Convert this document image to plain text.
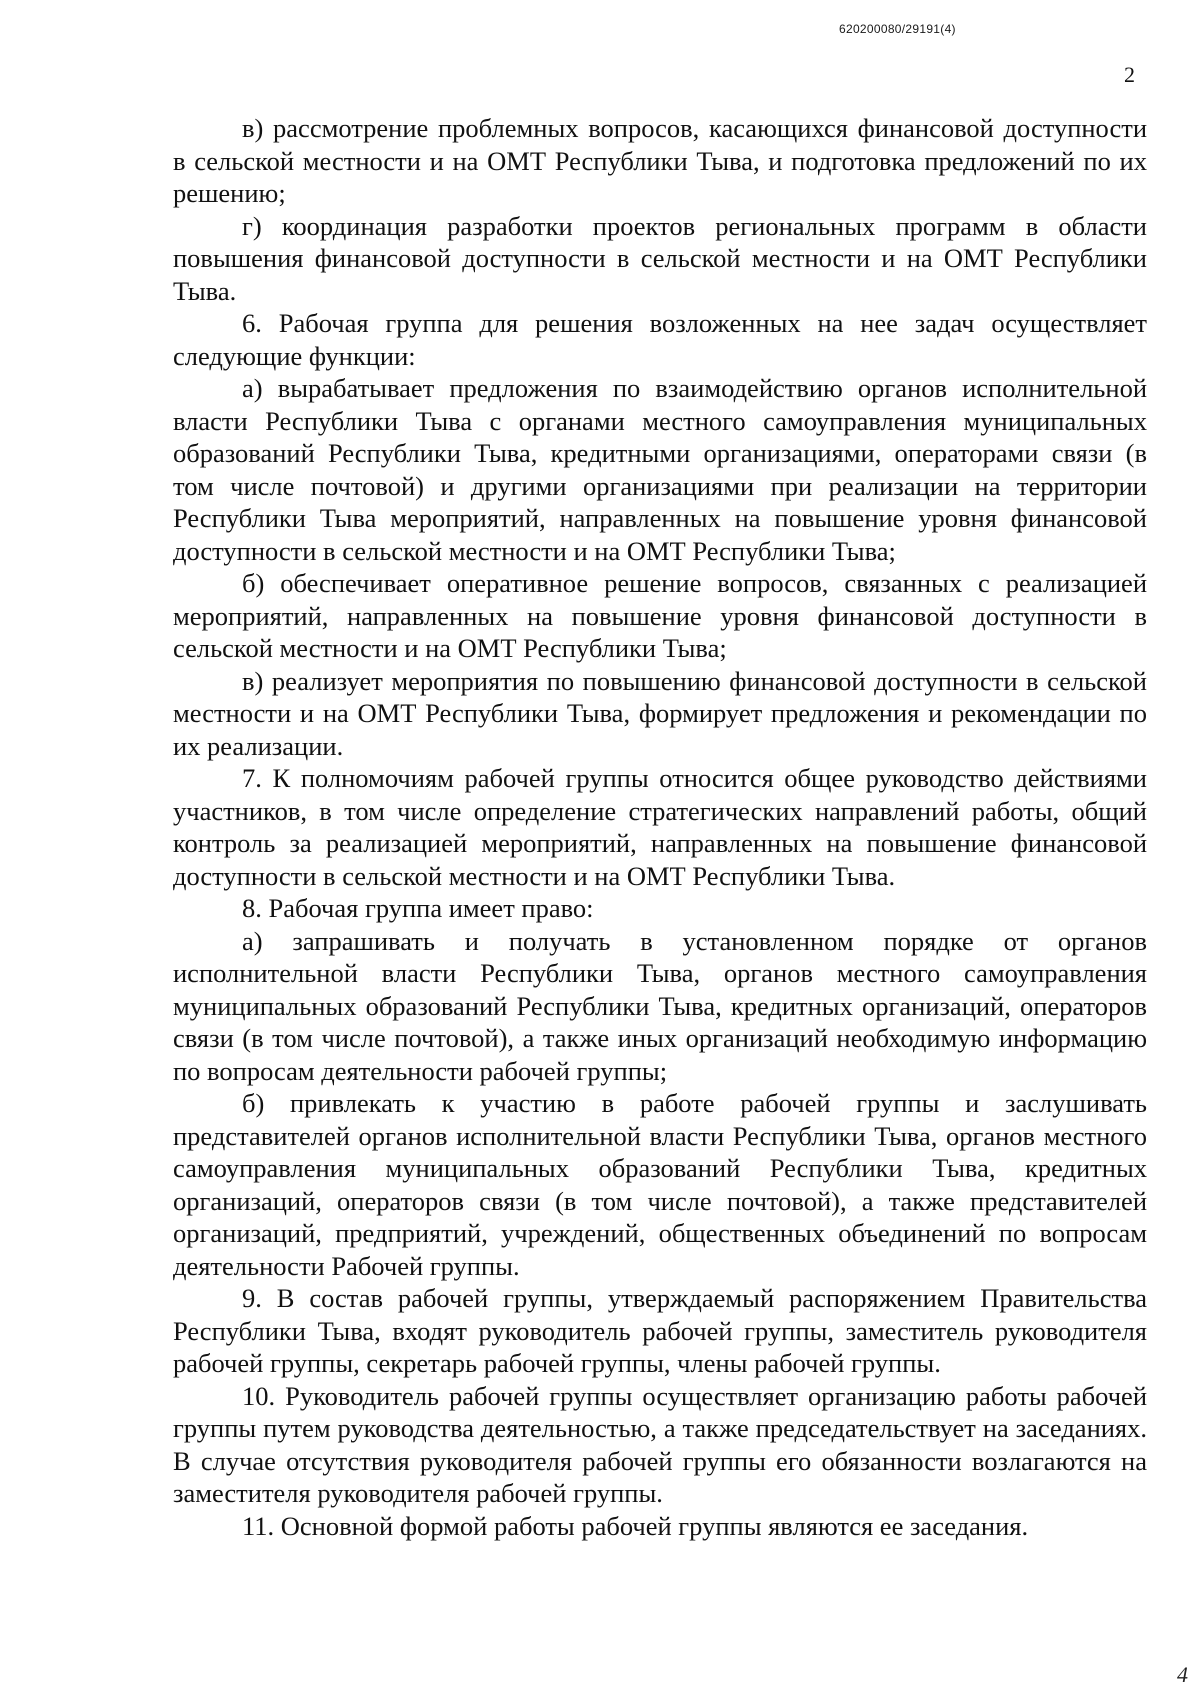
620200080/29191(4)
2

в) рассмотрение проблемных вопросов, касающихся финансовой доступности в сельской местности и на ОМТ Республики Тыва, и подготовка предложений по их решению;

г) координация разработки проектов региональных программ в области повышения финансовой доступности в сельской местности и на ОМТ Республики Тыва.

6. Рабочая группа для решения возложенных на нее задач осуществляет следующие функции:

а) вырабатывает предложения по взаимодействию органов исполнительной власти Республики Тыва с органами местного самоуправления муниципальных образований Республики Тыва, кредитными организациями, операторами связи (в том числе почтовой) и другими организациями при реализации на территории Республики Тыва мероприятий, направленных на повышение уровня финансовой доступности в сельской местности и на ОМТ Республики Тыва;

б) обеспечивает оперативное решение вопросов, связанных с реализацией мероприятий, направленных на повышение уровня финансовой доступности в сельской местности и на ОМТ Республики Тыва;

в) реализует мероприятия по повышению финансовой доступности в сельской местности и на ОМТ Республики Тыва, формирует предложения и рекомендации по их реализации.

7. К полномочиям рабочей группы относится общее руководство действиями участников, в том числе определение стратегических направлений работы, общий контроль за реализацией мероприятий, направленных на повышение финансовой доступности в сельской местности и на ОМТ Республики Тыва.

8. Рабочая группа имеет право:

а) запрашивать и получать в установленном порядке от органов исполнительной власти Республики Тыва, органов местного самоуправления муниципальных образований Республики Тыва, кредитных организаций, операторов связи (в том числе почтовой), а также иных организаций необходимую информацию по вопросам деятельности рабочей группы;

б) привлекать к участию в работе рабочей группы и заслушивать представителей органов исполнительной власти Республики Тыва, органов местного самоуправления муниципальных образований Республики Тыва, кредитных организаций, операторов связи (в том числе почтовой), а также представителей организаций, предприятий, учреждений, общественных объединений по вопросам деятельности Рабочей группы.

9. В состав рабочей группы, утверждаемый распоряжением Правительства Республики Тыва, входят руководитель рабочей группы, заместитель руководителя рабочей группы, секретарь рабочей группы, члены рабочей группы.

10. Руководитель рабочей группы осуществляет организацию работы рабочей группы путем руководства деятельностью, а также председательствует на заседаниях. В случае отсутствия руководителя рабочей группы его обязанности возлагаются на заместителя руководителя рабочей группы.

11. Основной формой работы рабочей группы являются ее заседания.

4
